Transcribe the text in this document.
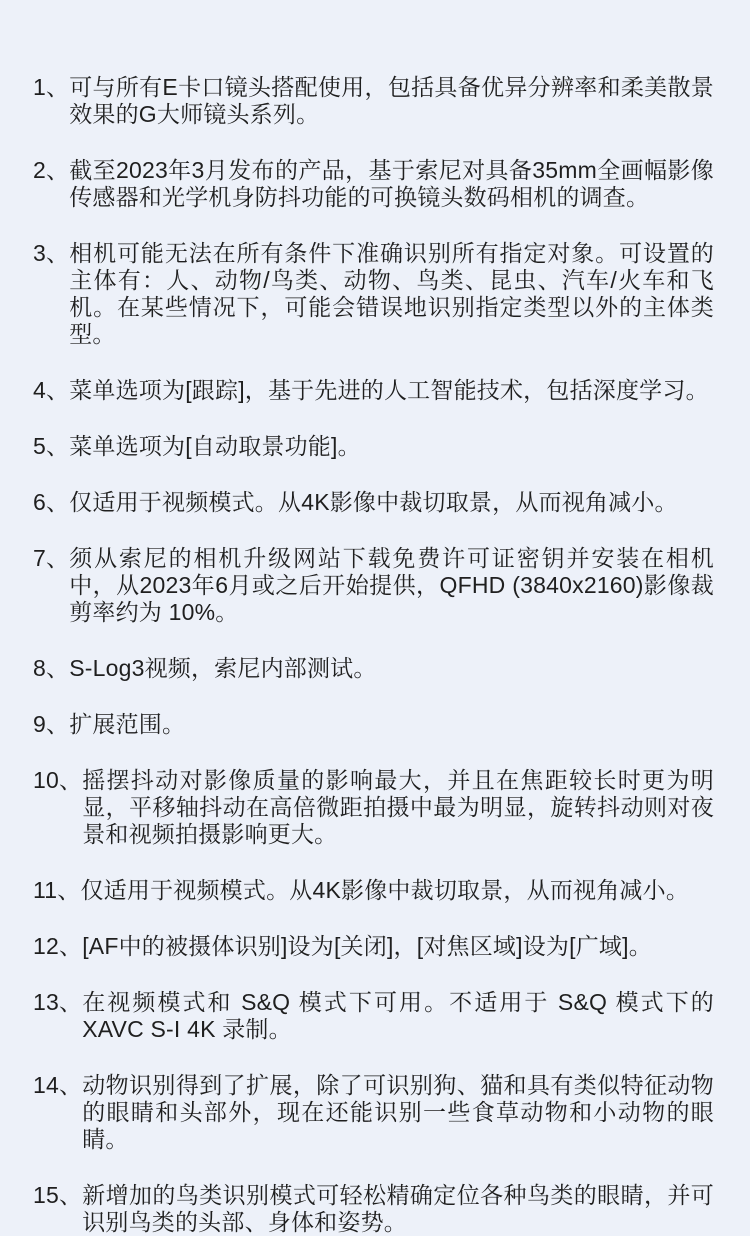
1、 可与所有E卡口镜头搭配使用，包括具备优异分辨率和柔美散景效果的G大师镜头系列。
2、 截至2023年3月发布的产品，基于索尼对具备35mm全画幅影像传感器和光学机身防抖功能的可换镜头数码相机的调查。
3、 相机可能无法在所有条件下准确识别所有指定对象。可设置的主体有：人、动物/鸟类、动物、鸟类、昆虫、汽车/火车和飞机。在某些情况下，可能会错误地识别指定类型以外的主体类型。
4、 菜单选项为[跟踪]，基于先进的人工智能技术，包括深度学习。
5、 菜单选项为[自动取景功能]。
6、 仅适用于视频模式。从4K影像中裁切取景，从而视角减小。
7、 须从索尼的相机升级网站下载免费许可证密钥并安装在相机中，从2023年6月或之后开始提供，QFHD (3840x2160)影像裁剪率约为 10%。
8、 S-Log3视频，索尼内部测试。
9、 扩展范围。
10、 摇摆抖动对影像质量的影响最大，并且在焦距较长时更为明显，平移轴抖动在高倍微距拍摄中最为明显，旋转抖动则对夜景和视频拍摄影响更大。
11、 仅适用于视频模式。从4K影像中裁切取景，从而视角减小。
12、 [AF中的被摄体识别]设为[关闭]，[对焦区域]设为[广域]。
13、 在视频模式和 S&Q 模式下可用。不适用于 S&Q 模式下的 XAVC S-I 4K 录制。
14、 动物识别得到了扩展，除了可识别狗、猫和具有类似特征动物的眼睛和头部外，现在还能识别一些食草动物和小动物的眼睛。
15、 新增加的鸟类识别模式可轻松精确定位各种鸟类的眼睛，并可识别鸟类的头部、身体和姿势。
